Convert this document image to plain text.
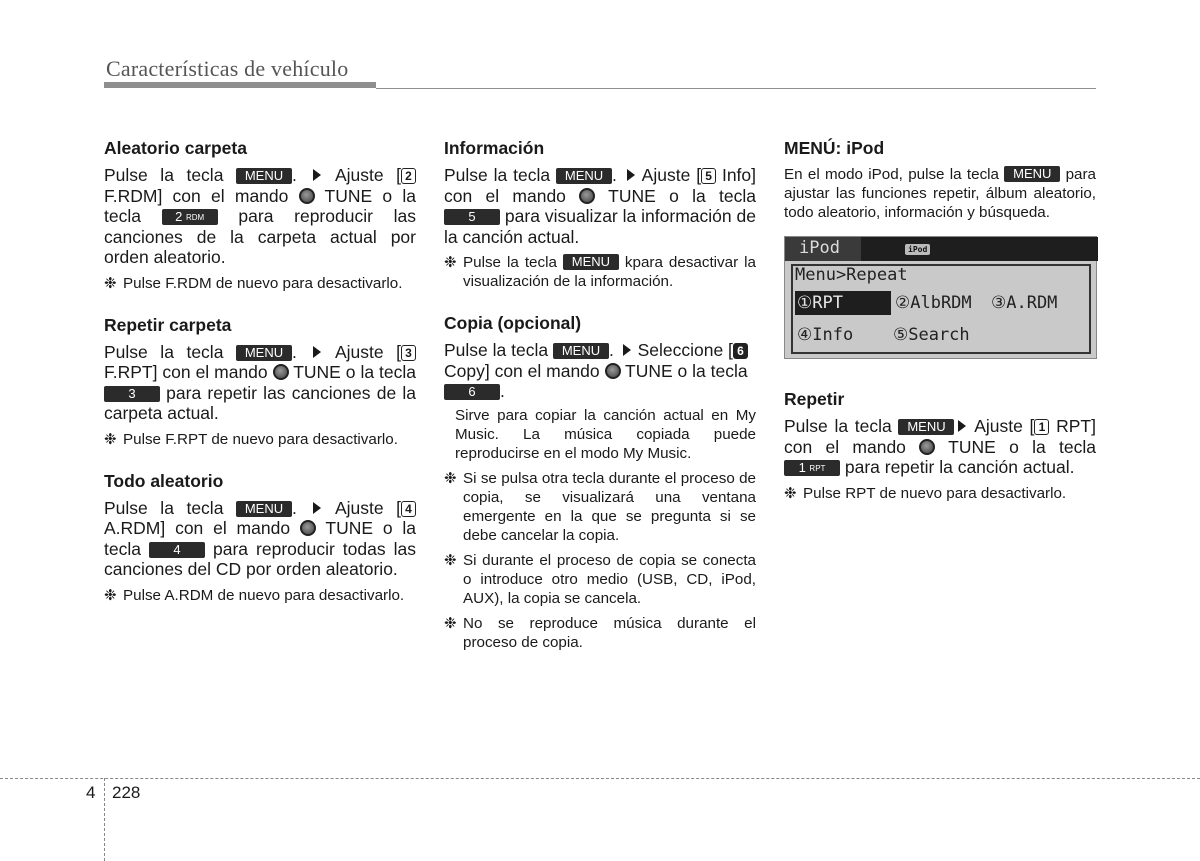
Características de vehículo
Aleatorio carpeta

Pulse la tecla MENU .  Ajuste [ 2 F.RDM] con el mando  TUNE o la tecla 2 RDM para reproducir las canciones de la carpeta actual por orden aleatorio.

❉ Pulse F.RDM de nuevo para desactivarlo.

Repetir carpeta

Pulse la tecla MENU .  Ajuste [ 3 F.RPT] con el mando  TUNE o la tecla 3 para repetir las canciones de la carpeta actual.

❉ Pulse F.RPT de nuevo para desactivarlo.

Todo aleatorio

Pulse la tecla MENU .  Ajuste [ 4 A.RDM] con el mando  TUNE o la tecla 4 para reproducir todas las canciones del CD por orden aleatorio.

❉ Pulse A.RDM de nuevo para desactivarlo.

Información

Pulse la tecla MENU .  Ajuste [ 5 Info] con el mando  TUNE o la tecla 5 para visualizar la información de la canción actual.

❉ Pulse la tecla MENU kpara desactivar la visualización de la información.

Copia (opcional)

Pulse la tecla MENU .  Seleccione [ 6Copy] con el mando  TUNE o la tecla 6 .

Sirve para copiar la canción actual en My Music. La música copiada puede reproducirse en el modo My Music.

❉ Si se pulsa otra tecla durante el proceso de copia, se visualizará una ventana emergente en la que se pregunta si se debe cancelar la copia.

❉ Si durante el proceso de copia se conecta o introduce otro medio (USB, CD, iPod, AUX), la copia se cancela.

❉ No se reproduce música durante el proceso de copia.

MENÚ: iPod

En el modo iPod, pulse la tecla MENU para ajustar las funciones repetir, álbum aleatorio, todo aleatorio, información y búsqueda.

iPod	iPod
Menu>Repeat
①RPT	②AlbRDM ③A.RDM
④Info ⑤Search
Repetir

Pulse la tecla MENU Ajuste [ 1 RPT] con el mando  TUNE o la tecla 1 RPT para repetir la canción actual.

❉ Pulse RPT de nuevo para desactivarlo.

4 228
